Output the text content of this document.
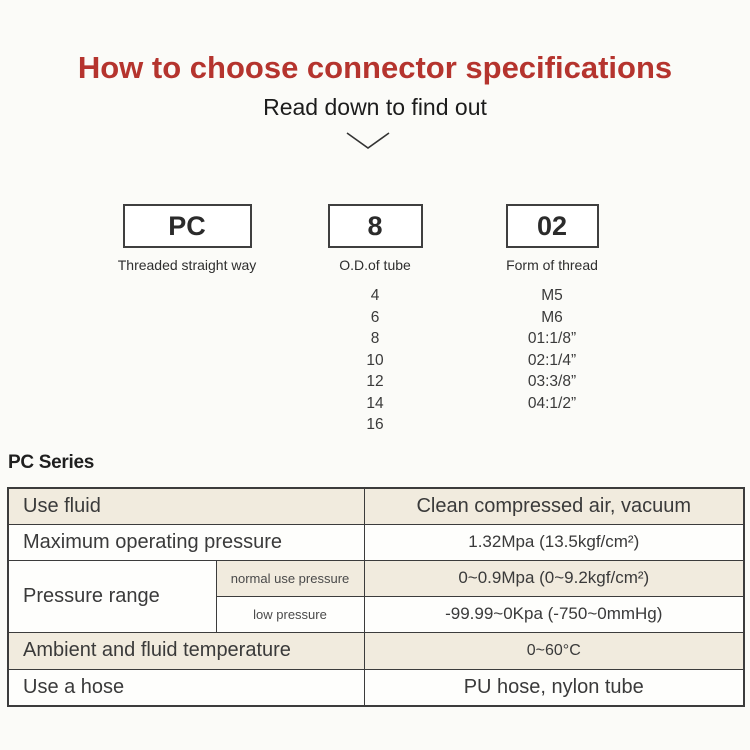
How to choose connector specifications
Read down to find out
PC
Threaded straight way
8
O.D.of tube
4
6
8
10
12
14
16
02
Form of thread
M5
M6
01:1/8”
02:1/4”
03:3/8”
04:1/2”
PC Series
Use fluid		Clean compressed air, vacuum
Maximum operating pressure		1.32Mpa (13.5kgf/cm²)
Pressure range	normal use pressure	0~0.9Mpa (0~9.2kgf/cm²)
	low pressure	-99.99~0Kpa (-750~0mmHg)
Ambient and fluid temperature		0~60°C
Use a hose		PU hose, nylon tube
